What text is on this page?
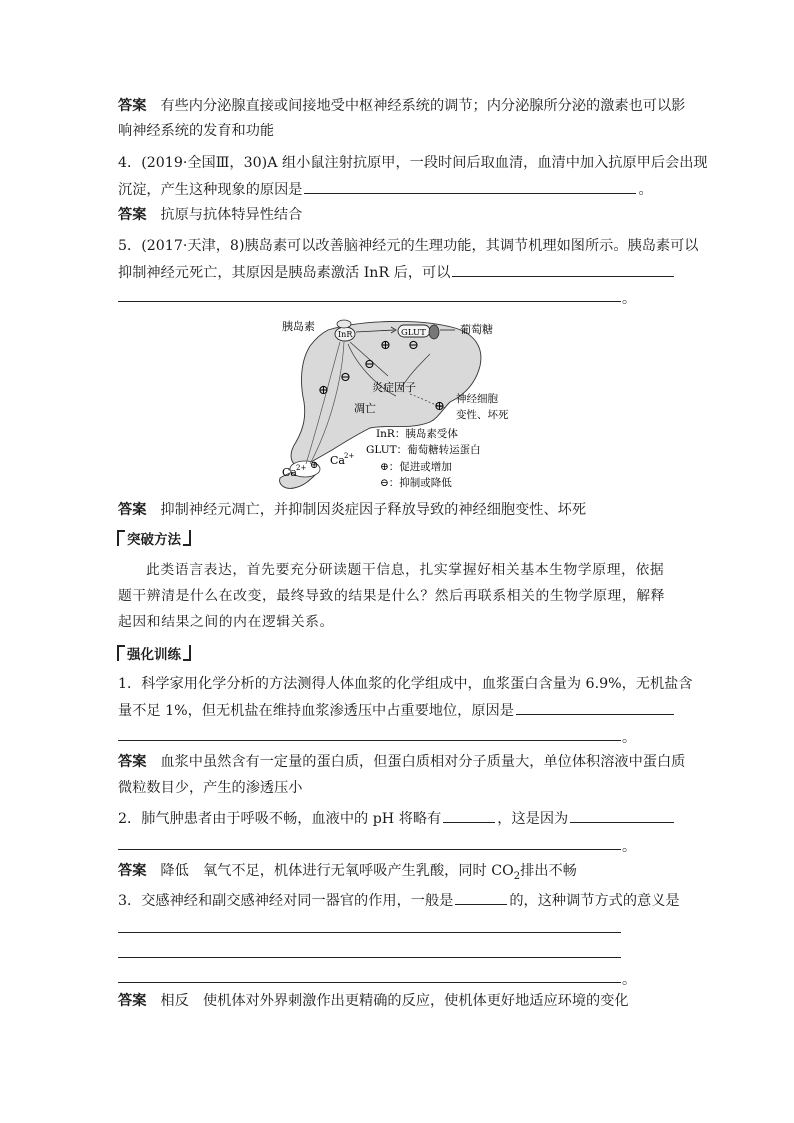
答案 有些内分泌腺直接或间接地受中枢神经系统的调节；内分泌腺所分泌的激素也可以影
响神经系统的发育和功能
4．(2019·全国Ⅲ，30)A 组小鼠注射抗原甲，一段时间后取血清，血清中加入抗原甲后会出现
沉淀，产生这种现象的原因是	。
答案 抗原与抗体特异性结合
5．(2017·天津，8)胰岛素可以改善脑神经元的生理功能，其调节机理如图所示。胰岛素可以
抑制神经元死亡，其原因是胰岛素激活 InR 后，可以
。
InR	GLUT
胰岛素	葡萄糖
炎症因子
凋亡
神经细胞
变性、坏死
⊕ ⊖
⊖
⊖
⊕
⊕
⊕
Ca 2+
Ca 2+
InR：胰岛素受体
GLUT：葡萄糖转运蛋白
⊕：促进或增加
⊖：抑制或降低
答案 抑制神经元凋亡，并抑制因炎症因子释放导致的神经细胞变性、坏死
突破方法
此类语言表达，首先要充分研读题干信息，扎实掌握好相关基本生物学原理，依据题干辨清是什么在改变，最终导致的结果是什么？然后再联系相关的生物学原理，解释起因和结果之间的内在逻辑关系。
强化训练
1．科学家用化学分析的方法测得人体血浆的化学组成中，血浆蛋白含量为 6.9%，无机盐含
量不足 1%，但无机盐在维持血浆渗透压中占重要地位，原因是
。
答案 血浆中虽然含有一定量的蛋白质，但蛋白质相对分子质量大，单位体积溶液中蛋白质
微粒数目少，产生的渗透压小
2．肺气肿患者由于呼吸不畅，血液中的 pH 将略有	，这是因为
。
答案 降低　 氧气不足，机体进行无氧呼吸产生乳酸，同时 $CO_2$排出不畅
3．交感神经和副交感神经对同一器官的作用，一般是	的，这种调节方式的意义是
。
答案 相反　 使机体对外界刺激作出更精确的反应，使机体更好地适应环境的变化
